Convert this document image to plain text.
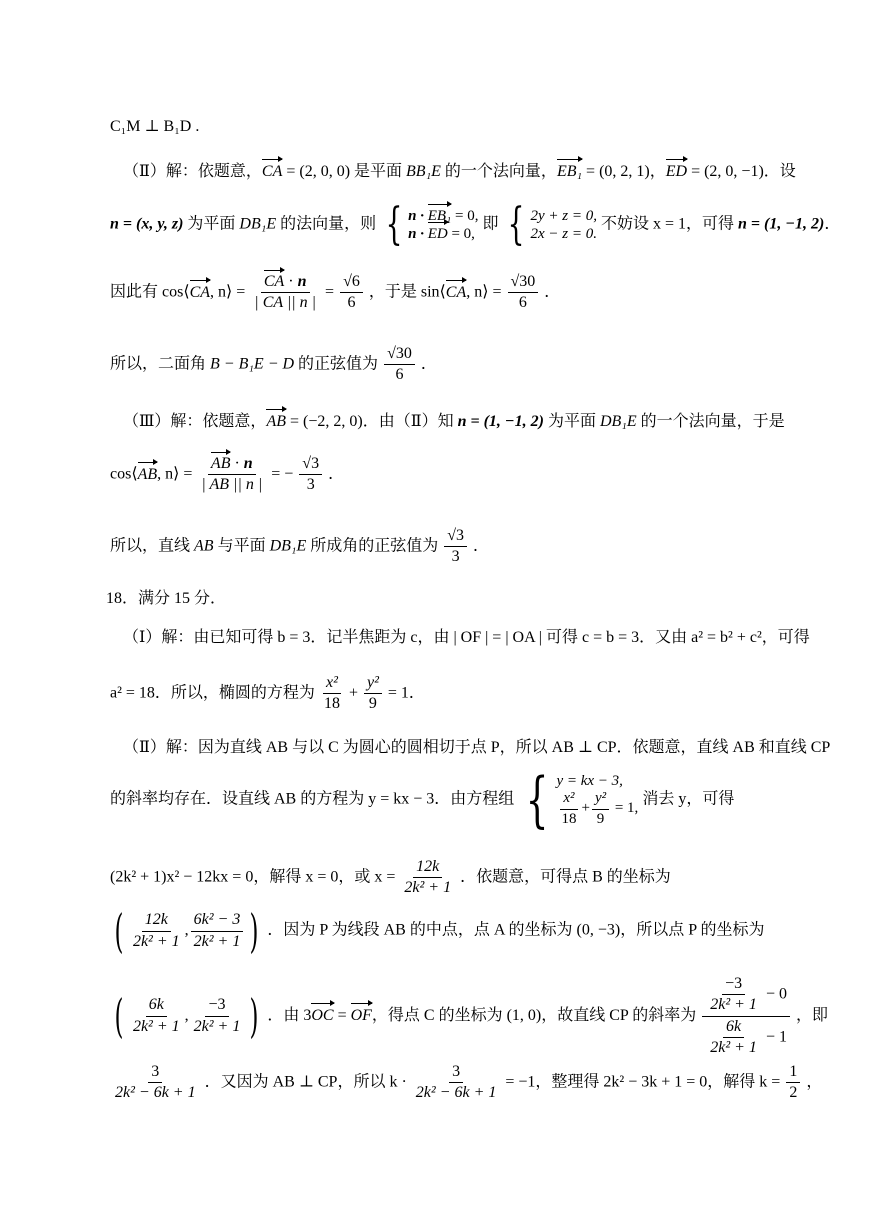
C₁M ⊥ B₁D .
（Ⅱ）解：依题意，CA = (2, 0, 0) 是平面 BB₁E 的一个法向量，EB₁ = (0, 2, 1)，ED = (2, 0, −1)．设
n = (x, y, z) 为平面 DB₁E 的法向量，则 { n · EB₁ = 0,
n · ED = 0,
即 { 2y + z = 0,
2x − z = 0.
不妨设 x = 1，可得 n = (1, −1, 2)．
因此有 cos⟨CA, n⟩ = $\frac{CA \cdot n}{| CA || n |} = \frac{√6}{6}$ ，于是 sin⟨CA, n⟩ = $\frac{√30}{6}$ ．
所以，二面角 B − B₁E − D 的正弦值为 $\frac{√30}{6}$ ．
（Ⅲ）解：依题意，AB = (−2, 2, 0)．由（Ⅱ）知 n = (1, −1, 2) 为平面 DB₁E 的一个法向量，于是
cos⟨AB, n⟩ = $\frac{AB \cdot n}{| AB || n |}$ = − $\frac{√3}{3}$ ．
所以，直线 AB 与平面 DB₁E 所成角的正弦值为 $\frac{√3}{3}$ ．
18．满分 15 分．
（Ⅰ）解：由已知可得 b = 3．记半焦距为 c，由 | OF | = | OA | 可得 c = b = 3．又由 a² = b² + c²，可得
a² = 18．所以，椭圆的方程为 $\frac{\text{x²}}{18} + \frac{\text{y²}}{9} = 1$．
（Ⅱ）解：因为直线 AB 与以 C 为圆心的圆相切于点 P，所以 AB ⊥ CP．依题意，直线 AB 和直线 CP
的斜率均存在．设直线 AB 的方程为 y = kx − 3．由方程组 { y = kx − 3,
$\frac{\text{x²}}{18} + \frac{\text{y²}}{9} = 1$,
消去 y，可得
(2k² + 1)x² − 12kx = 0，解得 x = 0，或 $x = \frac{12k}{\text{2k² + 1}}$ ．依题意，可得点 B 的坐标为
( $\frac{12k}{\text{2k² + 1}}$ , $\frac{\text{6k² − 3}}{\text{2k² + 1}}$ ) ．因为 P 为线段 AB 的中点，点 A 的坐标为 (0, −3)，所以点 P 的坐标为
( $\frac{6k}{\text{2k² + 1}}$ , $\frac{-3}{\text{2k² + 1}}$ ) ．由 3OC = OF，得点 C 的坐标为 (1, 0)，故直线 CP 的斜率为 $\frac{\frac{-3}{\text{2k² + 1}} - 0}{\frac{6k}{\text{2k² + 1}} - 1}$ ，即
$\frac{3}{\text{2k² − 6k + 1}}$ ．又因为 AB ⊥ CP，所以 $k \cdot \frac{3}{\text{2k² − 6k + 1}} = -1$，整理得 2k² − 3k + 1 = 0，解得 $k = \frac{1}{2}$ ，
